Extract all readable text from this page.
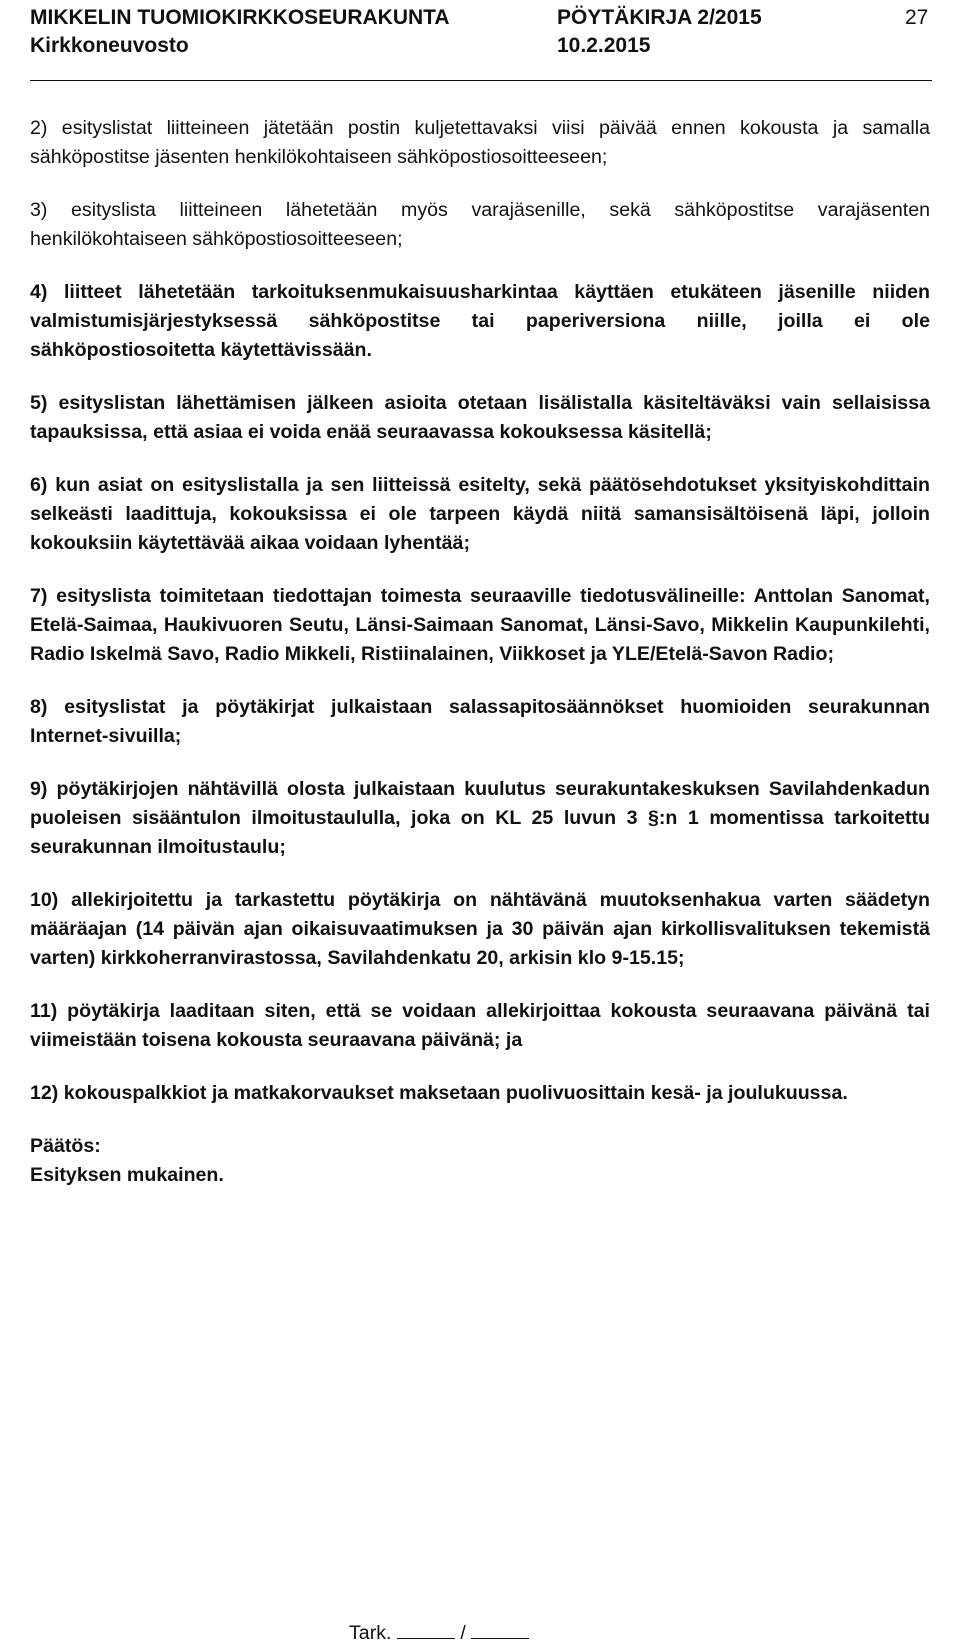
MIKKELIN TUOMIOKIRKKOSEURAKUNTA	PÖYTÄKIRJA 2/2015	27
Kirkkoneuvosto	10.2.2015

2) esityslistat liitteineen jätetään postin kuljetettavaksi viisi päivää ennen kokousta ja samalla sähköpostitse jäsenten henkilökohtaiseen sähköpostiosoitteeseen;

3) esityslista liitteineen lähetetään myös varajäsenille, sekä sähköpostitse varajäsenten henkilökohtaiseen sähköpostiosoitteeseen;

4) liitteet lähetetään tarkoituksenmukaisuusharkintaa käyttäen etukäteen jäsenille niiden valmistumisjärjestyksessä sähköpostitse tai paperiversiona niille, joilla ei ole sähköpostiosoitetta käytettävissään.

5) esityslistan lähettämisen jälkeen asioita otetaan lisälistalla käsiteltäväksi vain sellaisissa tapauksissa, että asiaa ei voida enää seuraavassa kokouksessa käsitellä;

6) kun asiat on esityslistalla ja sen liitteissä esitelty, sekä päätösehdotukset yksityiskohdittain selkeästi laadittuja, kokouksissa ei ole tarpeen käydä niitä samansisältöisenä läpi, jolloin kokouksiin käytettävää aikaa voidaan lyhentää;

7) esityslista toimitetaan tiedottajan toimesta seuraaville tiedotusvälineille: Anttolan Sanomat, Etelä-Saimaa, Haukivuoren Seutu, Länsi-Saimaan Sanomat, Länsi-Savo, Mikkelin Kaupunkilehti, Radio Iskelmä Savo, Radio Mikkeli, Ristiinalainen, Viikkoset ja YLE/Etelä-Savon Radio;

8) esityslistat ja pöytäkirjat julkaistaan salassapitosäännökset huomioiden seurakunnan Internet-sivuilla;

9) pöytäkirjojen nähtävillä olosta julkaistaan kuulutus seurakuntakeskuksen Savilahdenkadun puoleisen sisääntulon ilmoitustaululla, joka on KL 25 luvun 3 §:n 1 momentissa tarkoitettu seurakunnan ilmoitustaulu;

10) allekirjoitettu ja tarkastettu pöytäkirja on nähtävänä muutoksenhakua varten säädetyn määräajan (14 päivän ajan oikaisuvaatimuksen ja 30 päivän ajan kirkollisvalituksen tekemistä varten) kirkkoherranvirastossa, Savilahdenkatu 20, arkisin klo 9-15.15;

11) pöytäkirja laaditaan siten, että se voidaan allekirjoittaa kokousta seuraavana päivänä tai viimeistään toisena kokousta seuraavana päivänä; ja

12) kokouspalkkiot ja matkakorvaukset maksetaan puolivuosittain kesä- ja joulukuussa.

Päätös:
Esityksen mukainen.
Tark.	/
